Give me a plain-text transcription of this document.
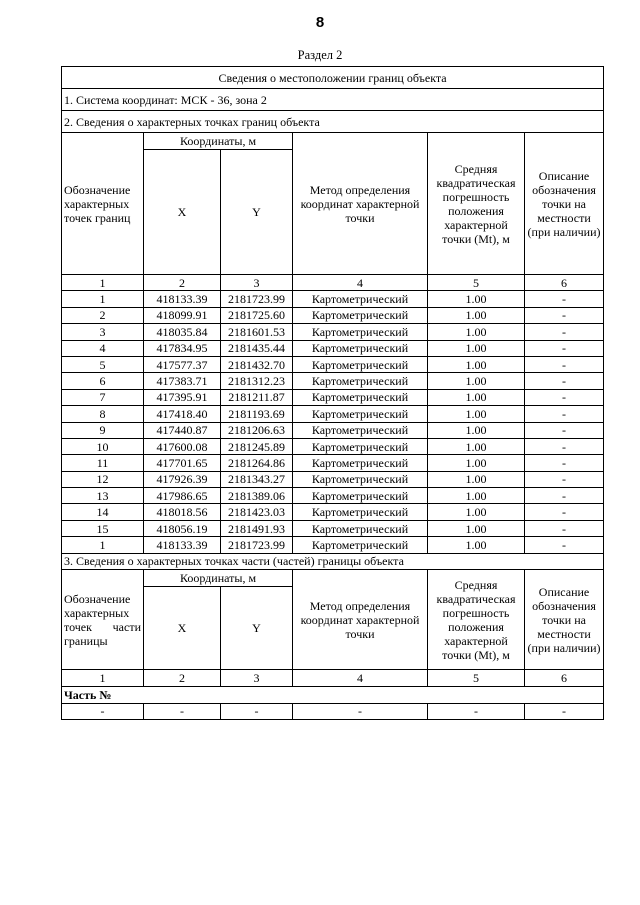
8
Раздел 2
Сведения о местоположении границ объекта					
1. Система координат: МСК - 36, зона 2					
2. Сведения о характерных точках границ объекта					
Обозначение характерных точек границ	Координаты, м		Метод определения координат характерной точки	Средняя квадратическая погрешность положения характерной точки (Mt), м	Описание обозначения точки на местности (при наличии)
	X	Y			
1	2	3	4	5	6
1	418133.39	2181723.99	Картометрический	1.00	-
2	418099.91	2181725.60	Картометрический	1.00	-
3	418035.84	2181601.53	Картометрический	1.00	-
4	417834.95	2181435.44	Картометрический	1.00	-
5	417577.37	2181432.70	Картометрический	1.00	-
6	417383.71	2181312.23	Картометрический	1.00	-
7	417395.91	2181211.87	Картометрический	1.00	-
8	417418.40	2181193.69	Картометрический	1.00	-
9	417440.87	2181206.63	Картометрический	1.00	-
10	417600.08	2181245.89	Картометрический	1.00	-
11	417701.65	2181264.86	Картометрический	1.00	-
12	417926.39	2181343.27	Картометрический	1.00	-
13	417986.65	2181389.06	Картометрический	1.00	-
14	418018.56	2181423.03	Картометрический	1.00	-
15	418056.19	2181491.93	Картометрический	1.00	-
1	418133.39	2181723.99	Картометрический	1.00	-
3. Сведения о характерных точках части (частей) границы объекта					
Обозначение характерных точек части границы	Координаты, м		Метод определения координат характерной точки	Средняя квадратическая погрешность положения характерной точки (Mt), м	Описание обозначения точки на местности (при наличии)
	X	Y			
1	2	3	4	5	6
Часть №					
-	-	-	-	-	-
